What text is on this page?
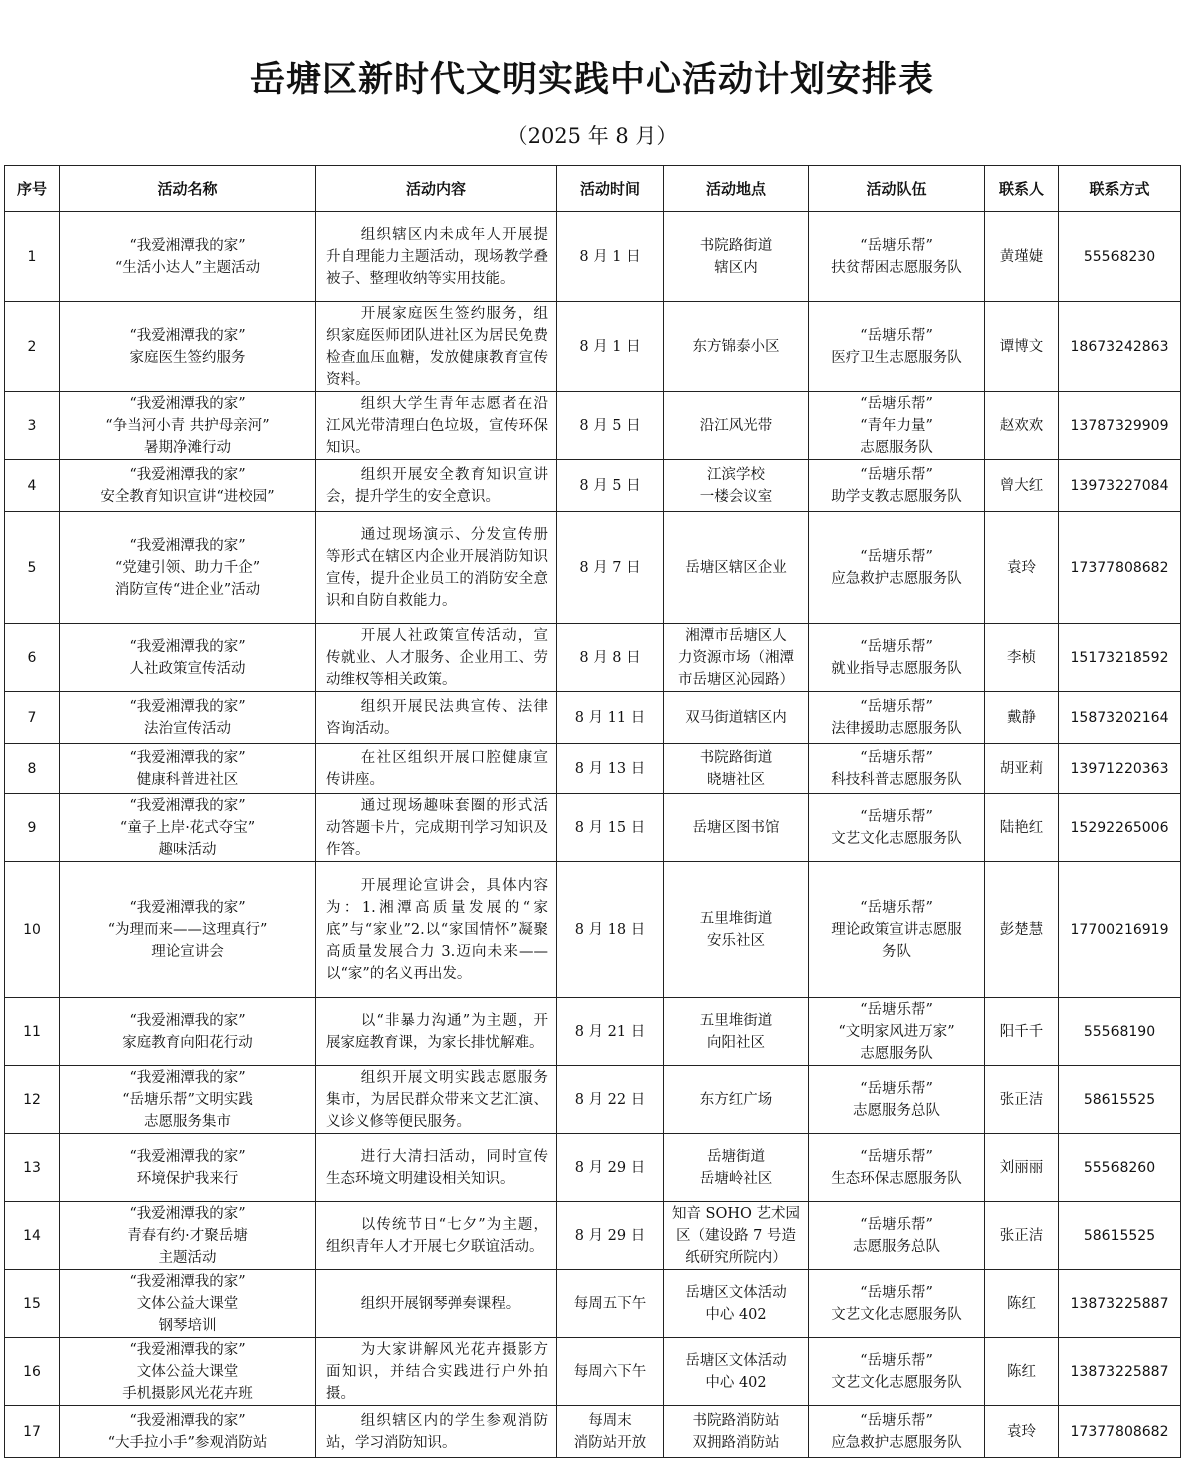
岳塘区新时代文明实践中心活动计划安排表
（2025 年 8 月）
序号	活动名称	活动内容	活动时间	活动地点	活动队伍	联系人	联系方式
1	“我爱湘潭我的家”
“生活小达人”主题活动	组织辖区内未成年人开展提升自理能力主题活动，现场教学叠被子、整理收纳等实用技能。	8 月 1 日	书院路街道
辖区内	“岳塘乐帮”
扶贫帮困志愿服务队	黄瑾婕	55568230
2	“我爱湘潭我的家”
家庭医生签约服务	开展家庭医生签约服务，组织家庭医师团队进社区为居民免费检查血压血糖，发放健康教育宣传资料。	8 月 1 日	东方锦泰小区	“岳塘乐帮”
医疗卫生志愿服务队	谭博文	18673242863
3	“我爱湘潭我的家”
“争当河小青 共护母亲河”
暑期净滩行动	组织大学生青年志愿者在沿江风光带清理白色垃圾，宣传环保知识。	8 月 5 日	沿江风光带	“岳塘乐帮”
“青年力量”
志愿服务队	赵欢欢	13787329909
4	“我爱湘潭我的家”
安全教育知识宣讲“进校园”	组织开展安全教育知识宣讲会，提升学生的安全意识。	8 月 5 日	江滨学校
一楼会议室	“岳塘乐帮”
助学支教志愿服务队	曾大红	13973227084
5	“我爱湘潭我的家”
“党建引领、助力千企”
消防宣传“进企业”活动	通过现场演示、分发宣传册等形式在辖区内企业开展消防知识宣传，提升企业员工的消防安全意识和自防自救能力。	8 月 7 日	岳塘区辖区企业	“岳塘乐帮”
应急救护志愿服务队	袁玲	17377808682
6	“我爱湘潭我的家”
人社政策宣传活动	开展人社政策宣传活动，宣传就业、人才服务、企业用工、劳动维权等相关政策。	8 月 8 日	湘潭市岳塘区人
力资源市场（湘潭
市岳塘区沁园路）	“岳塘乐帮”
就业指导志愿服务队	李桢	15173218592
7	“我爱湘潭我的家”
法治宣传活动	组织开展民法典宣传、法律咨询活动。	8 月 11 日	双马街道辖区内	“岳塘乐帮”
法律援助志愿服务队	戴静	15873202164
8	“我爱湘潭我的家”
健康科普进社区	在社区组织开展口腔健康宣传讲座。	8 月 13 日	书院路街道
晓塘社区	“岳塘乐帮”
科技科普志愿服务队	胡亚莉	13971220363
9	“我爱湘潭我的家”
“童子上岸·花式夺宝”
趣味活动	通过现场趣味套圈的形式活动答题卡片，完成期刊学习知识及作答。	8 月 15 日	岳塘区图书馆	“岳塘乐帮”
文艺文化志愿服务队	陆艳红	15292265006
10	“我爱湘潭我的家”
“为理而来——这理真行”
理论宣讲会	开展理论宣讲会，具体内容为：1.湘潭高质量发展的“家底”与“家业”2.以“家国情怀”凝聚高质量发展合力 3.迈向未来——以“家”的名义再出发。	8 月 18 日	五里堆街道
安乐社区	“岳塘乐帮”
理论政策宣讲志愿服
务队	彭楚慧	17700216919
11	“我爱湘潭我的家”
家庭教育向阳花行动	以“非暴力沟通”为主题，开展家庭教育课，为家长排忧解难。	8 月 21 日	五里堆街道
向阳社区	“岳塘乐帮”
“文明家风进万家”
志愿服务队	阳千千	55568190
12	“我爱湘潭我的家”
“岳塘乐帮”文明实践
志愿服务集市	组织开展文明实践志愿服务集市，为居民群众带来文艺汇演、义诊义修等便民服务。	8 月 22 日	东方红广场	“岳塘乐帮”
志愿服务总队	张正洁	58615525
13	“我爱湘潭我的家”
环境保护我来行	进行大清扫活动，同时宣传生态环境文明建设相关知识。	8 月 29 日	岳塘街道
岳塘岭社区	“岳塘乐帮”
生态环保志愿服务队	刘丽丽	55568260
14	“我爱湘潭我的家”
青春有约·才聚岳塘
主题活动	以传统节日“七夕”为主题，组织青年人才开展七夕联谊活动。	8 月 29 日	知音 SOHO 艺术园
区（建设路 7 号造
纸研究所院内）	“岳塘乐帮”
志愿服务总队	张正洁	58615525
15	“我爱湘潭我的家”
文体公益大课堂
钢琴培训	组织开展钢琴弹奏课程。	每周五下午	岳塘区文体活动
中心 402	“岳塘乐帮”
文艺文化志愿服务队	陈红	13873225887
16	“我爱湘潭我的家”
文体公益大课堂
手机摄影风光花卉班	为大家讲解风光花卉摄影方面知识，并结合实践进行户外拍摄。	每周六下午	岳塘区文体活动
中心 402	“岳塘乐帮”
文艺文化志愿服务队	陈红	13873225887
17	“我爱湘潭我的家”
“大手拉小手”参观消防站	组织辖区内的学生参观消防站，学习消防知识。	每周末
消防站开放	书院路消防站
双拥路消防站	“岳塘乐帮”
应急救护志愿服务队	袁玲	17377808682
